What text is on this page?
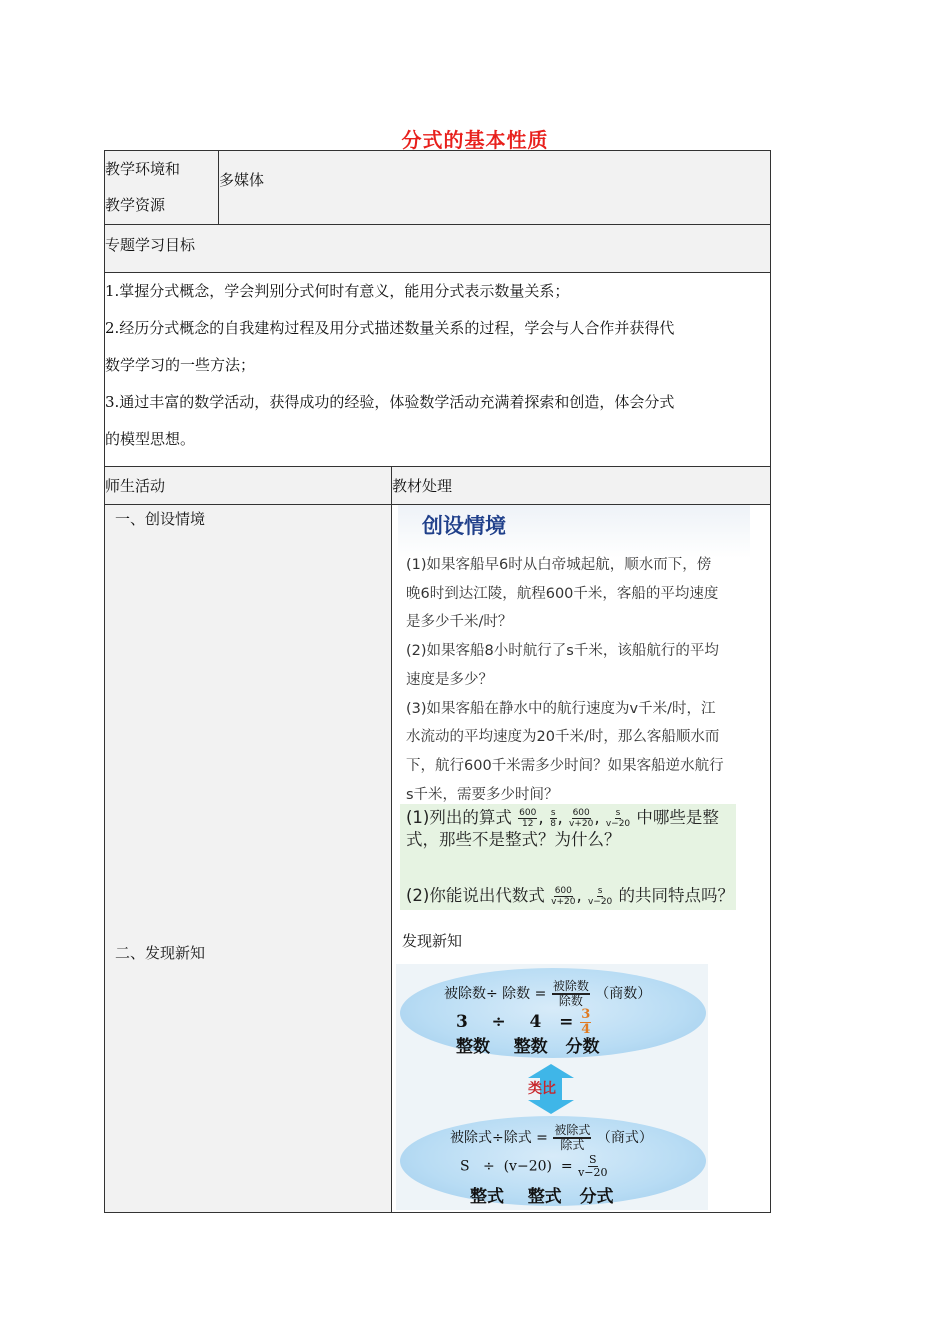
分式的基本性质
教学环境和
教学资源	多媒体	
专题学习目标		

1.掌握分式概念，学会判别分式何时有意义，能用分式表示数量关系；
2.经历分式概念的自我建构过程及用分式描述数量关系的过程，学会与人合作并获得代
数学学习的一些方法；
3.通过丰富的数学活动，获得成功的经验，体验数学活动充满着探索和创造，体会分式
的模型思想。		

师生活动		教材处理

一、创设情境
二、发现新知
创设情境
(1)如果客船早6时从白帝城起航，顺水而下，傍
晚6时到达江陵，航程600千米，客船的平均速度
是多少千米/时？
(2)如果客船8小时航行了s千米，该船航行的平均
速度是多少？
(3)如果客船在静水中的航行速度为v千米/时，江
水流动的平均速度为20千米/时，那么客船顺水而
下，航行600千米需多少时间？如果客船逆水航行
s千米，需要多少时间？
(1)列出的算式 $\frac{600}{12}$ , $\frac{s}{8}$ , $\frac{600}{v+20}$ , $\frac{s}{v-20}$ 中哪些是整
式，那些不是整式？为什么？
(2)你能说出代数式 $\frac{600}{v+20}$ , $\frac{s}{v-20}$ 的共同特点吗？
发现新知
被除数÷ 除数 = $\frac{\text{被除数}}{\text{除数}}$ （商数）
$3 \div 4 = \frac{3}{4}$
整数 整数 分数
类比
被除式÷除式 = $\frac{\text{被除式}}{\text{除式}}$ （商式）
$S \div (v-20) = \frac{S}{v-20}$
整式 整式 分式
